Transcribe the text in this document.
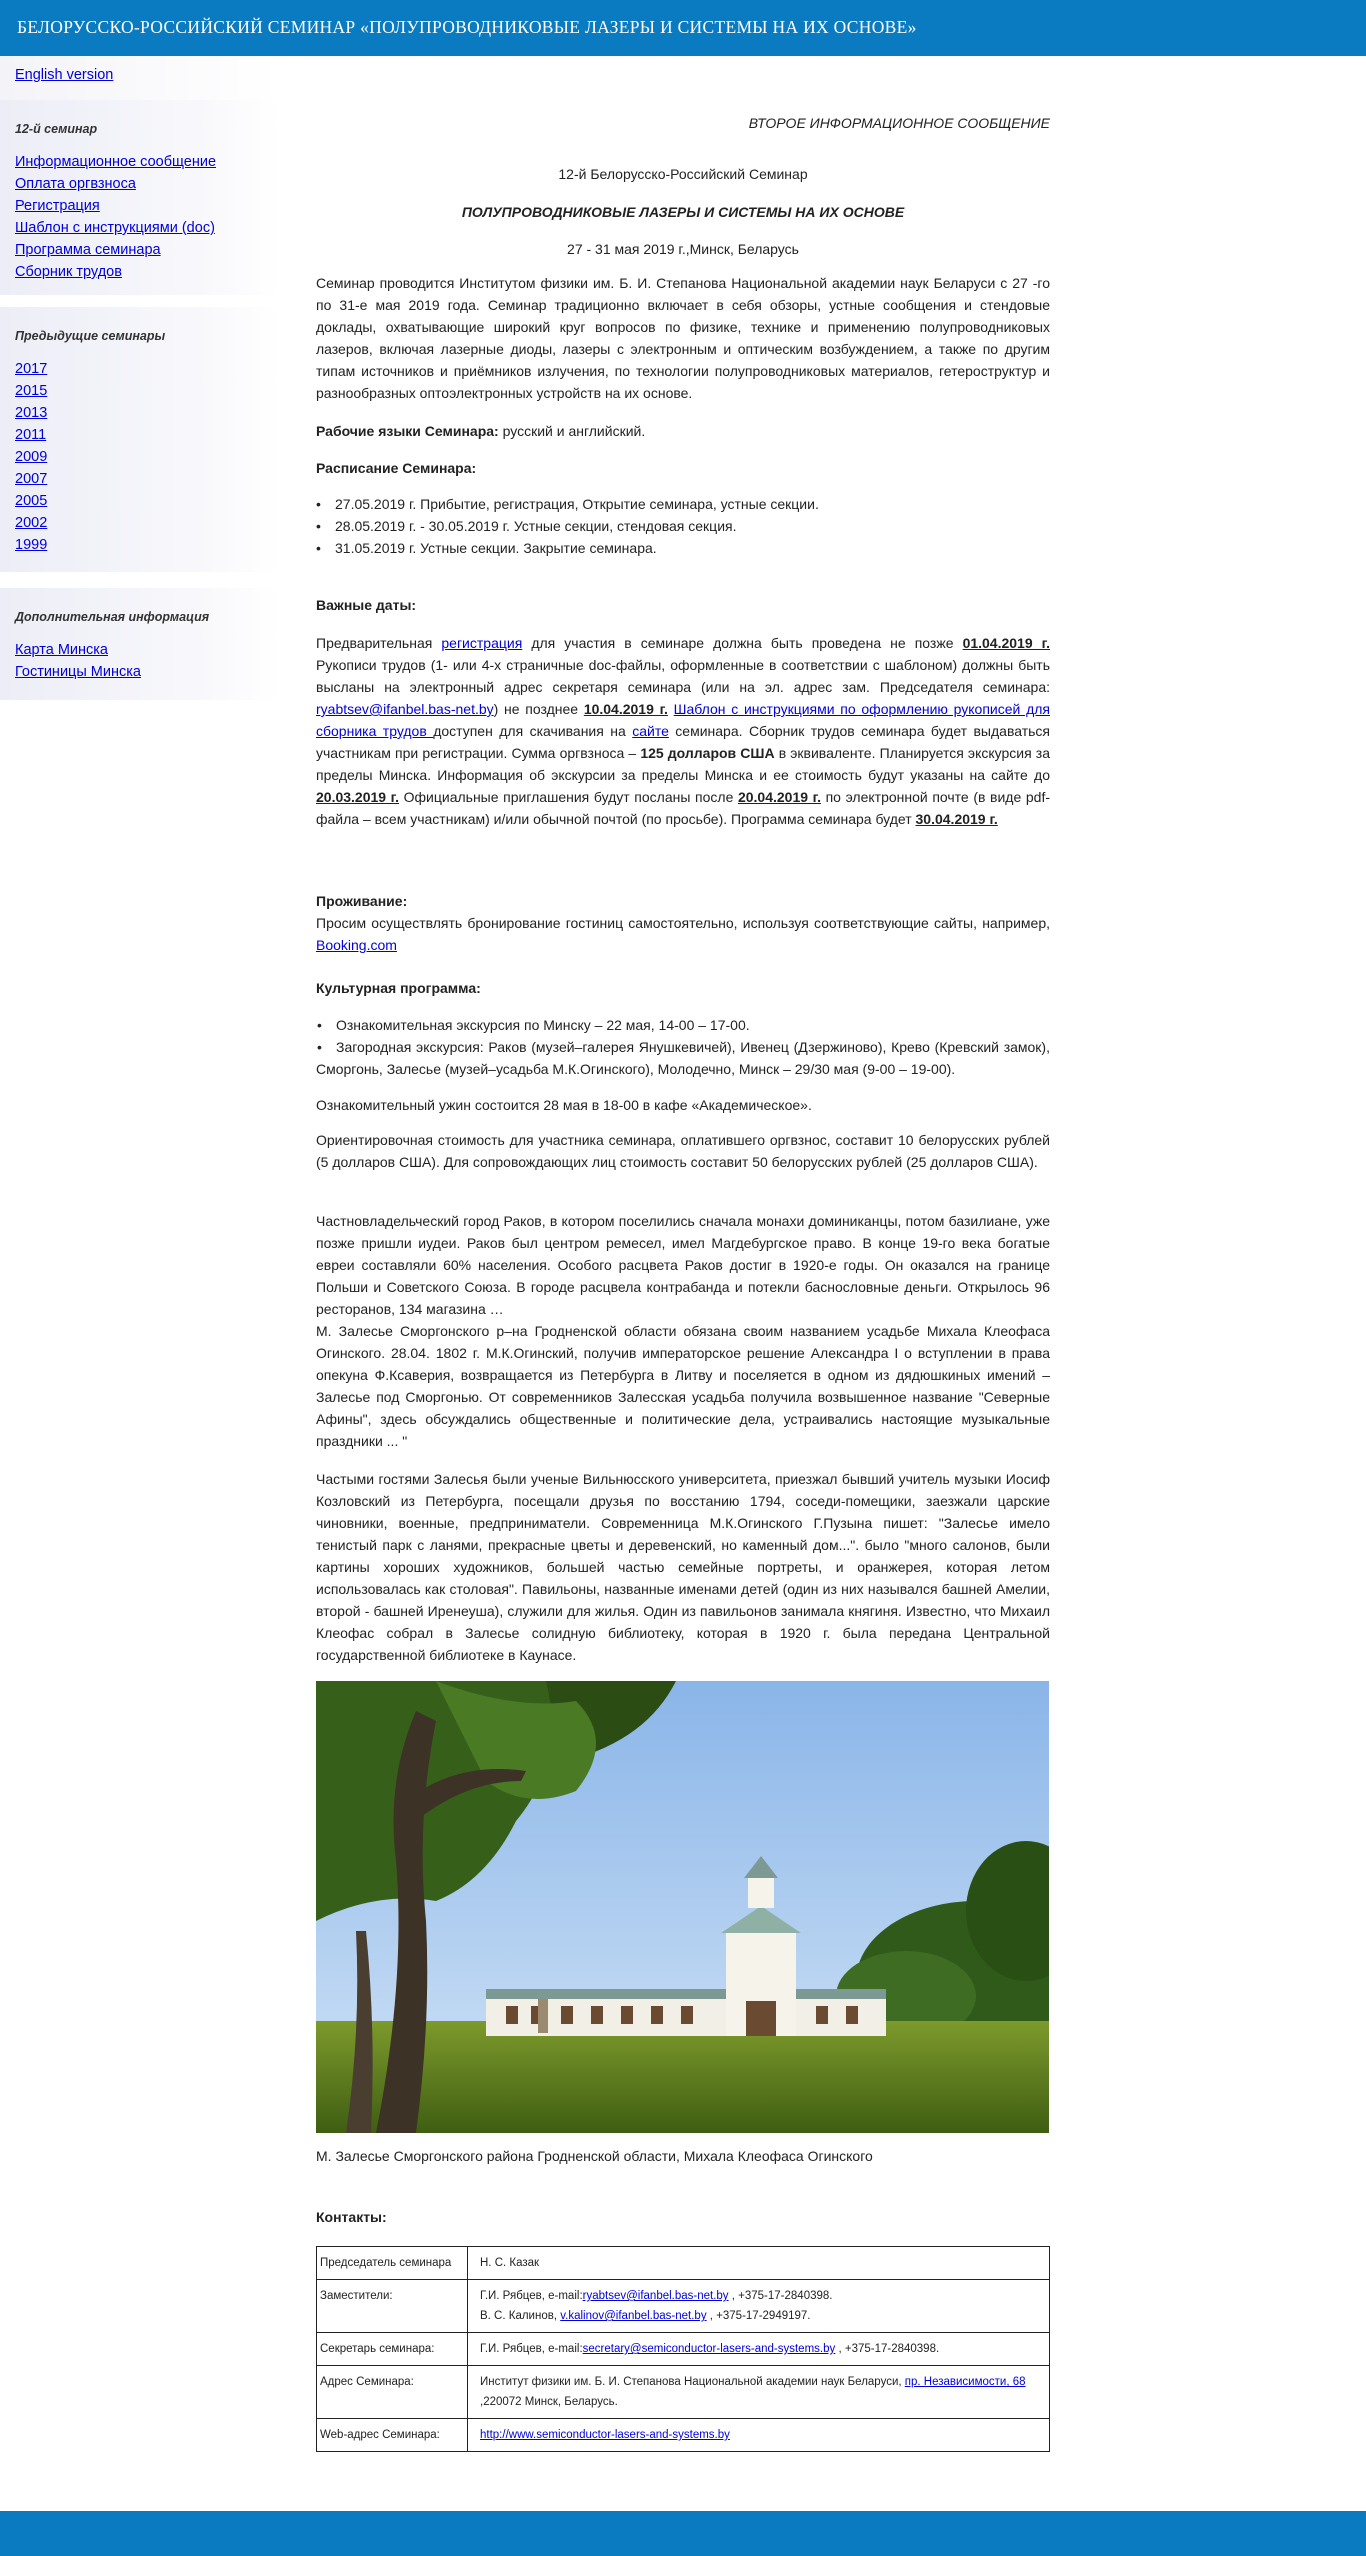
БЕЛОРУССКО-РОССИЙСКИЙ СЕМИНАР «ПОЛУПРОВОДНИКОВЫЕ ЛАЗЕРЫ И СИСТЕМЫ НА ИХ ОСНОВЕ»
English version
12-й семинар
Информационное сообщение
Оплата оргвзноса
Регистрация
Шаблон с инструкциями (doc)
Программа семинара
Сборник трудов
Предыдущие семинары
2017
2015
2013
2011
2009
2007
2005
2002
1999
Дополнительная информация
Карта Минска
Гостиницы Минска
ВТОРОЕ ИНФОРМАЦИОННОЕ СООБЩЕНИЕ
12-й Белорусско-Российский Семинар
ПОЛУПРОВОДНИКОВЫЕ ЛАЗЕРЫ И СИСТЕМЫ НА ИХ ОСНОВЕ
27 - 31 мая 2019 г.,Минск, Беларусь
Семинар проводится Институтом физики им. Б. И. Степанова Национальной академии наук Беларуси с 27 -го по 31-е мая 2019 года. Семинар традиционно включает в себя обзоры, устные сообщения и стендовые доклады, охватывающие широкий круг вопросов по физике, технике и применению полупроводниковых лазеров, включая лазерные диоды, лазеры с электронным и оптическим возбуждением, а также по другим типам источников и приёмников излучения, по технологии полупроводниковых материалов, гетероструктур и разнообразных оптоэлектронных устройств на их основе.
Рабочие языки Семинара: русский и английский.
Расписание Семинара:
• 27.05.2019 г. Прибытие, регистрация, Открытие семинара, устные секции.
• 28.05.2019 г. - 30.05.2019 г. Устные секции, стендовая секция.
• 31.05.2019 г. Устные секции. Закрытие семинара.
Важные даты:
Предварительная регистрация для участия в семинаре должна быть проведена не позже 01.04.2019 г. Рукописи трудов (1- или 4-х страничные doc-файлы, оформленные в соответствии с шаблоном) должны быть высланы на электронный адрес секретаря семинара (или на эл. адрес зам. Председателя семинара: ryabtsev@ifanbel.bas-net.by) не позднее 10.04.2019 г. Шаблон с инструкциями по оформлению рукописей для сборника трудов доступен для скачивания на сайте семинара. Сборник трудов семинара будет выдаваться участникам при регистрации. Сумма оргвзноса – 125 долларов США в эквиваленте. Планируется экскурсия за пределы Минска. Информация об экскурсии за пределы Минска и ее стоимость будут указаны на сайте до 20.03.2019 г. Официальные приглашения будут посланы после 20.04.2019 г. по электронной почте (в виде pdf-файла – всем участникам) и/или обычной почтой (по просьбе). Программа семинара будет 30.04.2019 г.
Проживание:
Просим осуществлять бронирование гостиниц самостоятельно, используя соответствующие сайты, например, Booking.com
Культурная программа:
• Ознакомительная экскурсия по Минску – 22 мая, 14-00 – 17-00.
• Загородная экскурсия: Раков (музей–галерея Янушкевичей), Ивенец (Дзержиново), Крево (Кревский замок), Сморгонь, Залесье (музей–усадьба М.К.Огинского), Молодечно, Минск – 29/30 мая (9-00 – 19-00).
Ознакомительный ужин состоится 28 мая в 18-00 в кафе «Академическое».
Ориентировочная стоимость для участника семинара, оплатившего оргвзнос, составит 10 белорусских рублей (5 долларов США). Для сопровождающих лиц стоимость составит 50 белорусских рублей (25 долларов США).
Частновладельческий город Раков, в котором поселились сначала монахи доминиканцы, потом базилиане, уже позже пришли иудеи. Раков был центром ремесел, имел Магдебургское право. В конце 19-го века богатые евреи составляли 60% населения. Особого расцвета Раков достиг в 1920-е годы. Он оказался на границе Польши и Советского Союза. В городе расцвела контрабанда и потекли баснословные деньги. Открылось 96 ресторанов, 134 магазина …
М. Залесье Сморгонского р–на Гродненской области обязана своим названием усадьбе Михала Клеофаса Огинского. 28.04. 1802 г. М.К.Огинский, получив императорское решение Александра I о вступлении в права опекуна Ф.Ксаверия, возвращается из Петербурга в Литву и поселяется в одном из дядюшкиных имений – Залесье под Сморгонью. От современников Залесская усадьба получила возвышенное название "Северные Афины", здесь обсуждались общественные и политические дела, устраивались настоящие музыкальные праздники ... "
Частыми гостями Залесья были ученые Вильнюсского университета, приезжал бывший учитель музыки Иосиф Козловский из Петербурга, посещали друзья по восстанию 1794, соседи-помещики, заезжали царские чиновники, военные, предприниматели. Современница М.К.Огинского Г.Пузына пишет: "Залесье имело тенистый парк с ланями, прекрасные цветы и деревенский, но каменный дом...". было "много салонов, были картины хороших художников, большей частью семейные портреты, и оранжерея, которая летом использовалась как столовая". Павильоны, названные именами детей (один из них назывался башней Амелии, второй - башней Иренеуша), служили для жилья. Один из павильонов занимала княгиня. Известно, что Михаил Клеофас собрал в Залесье солидную библиотеку, которая в 1920 г. была передана Центральной государственной библиотеке в Каунасе.
М. Залесье Сморгонского района Гродненской области, Михала Клеофаса Огинского
Контакты:
Председатель семинара	Н. С. Казак
Заместители:	Г.И. Рябцев, e-mail:ryabtsev@ifanbel.bas-net.by , +375-17-2840398.
В. С. Калинов, v.kalinov@ifanbel.bas-net.by , +375-17-2949197.

Секретарь семинара:	Г.И. Рябцев, e-mail:secretary@semiconductor-lasers-and-systems.by , +375-17-2840398.
Адрес Семинара:	Институт физики им. Б. И. Степанова Национальной академии наук Беларуси, пр. Независимости, 68 ,220072 Минск, Беларусь.
Web-адрес Семинара:	http://www.semiconductor-lasers-and-systems.by
